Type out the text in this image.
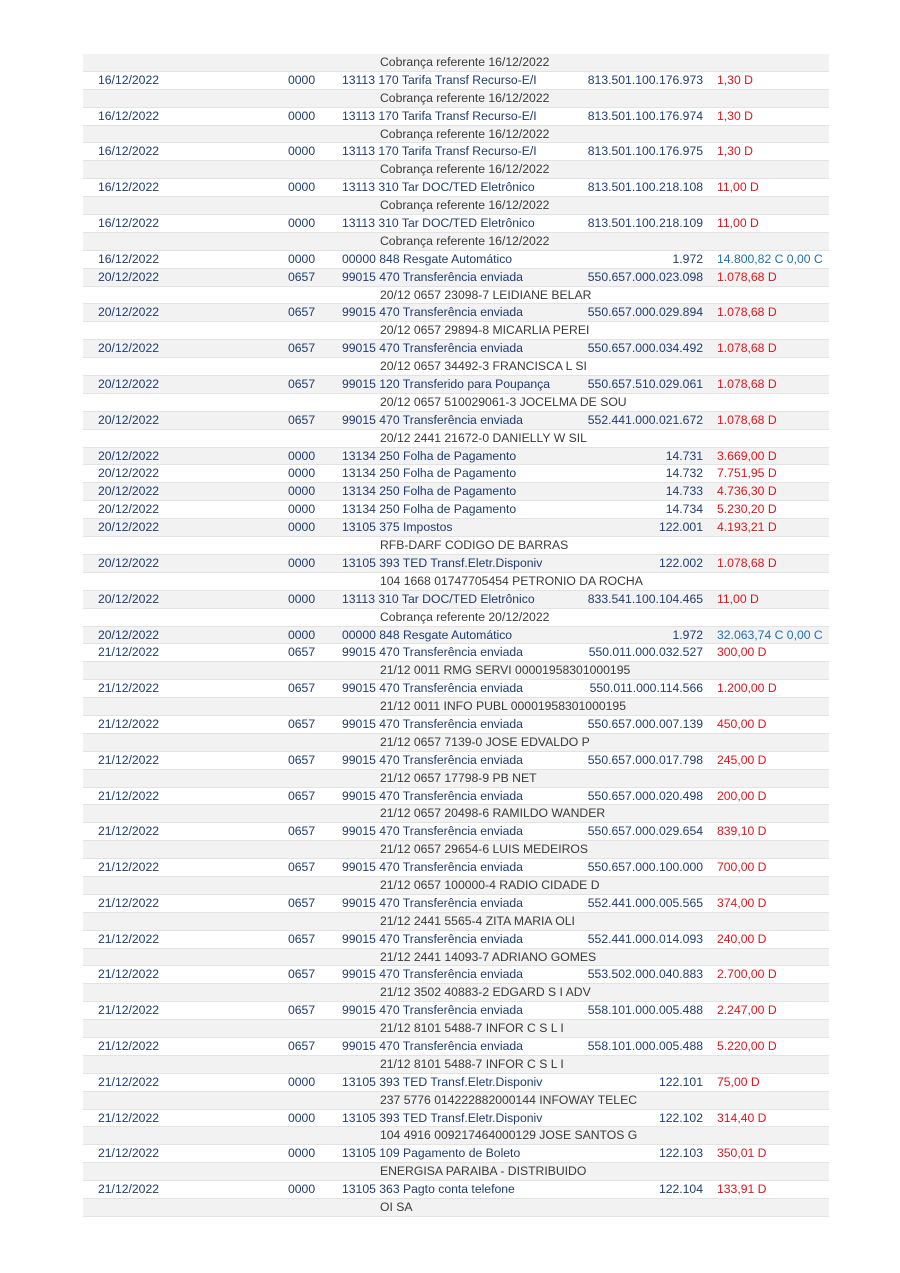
Cobrança referente 16/12/2022
16/12/2022	0000 13113 170 Tarifa Transf Recurso-E/I	813.501.100.176.973 1,30 D
Cobrança referente 16/12/2022
16/12/2022	0000 13113 170 Tarifa Transf Recurso-E/I	813.501.100.176.974 1,30 D
Cobrança referente 16/12/2022
16/12/2022	0000 13113 170 Tarifa Transf Recurso-E/I	813.501.100.176.975 1,30 D
Cobrança referente 16/12/2022
16/12/2022	0000 13113 310 Tar DOC/TED Eletrônico	813.501.100.218.108 11,00 D
Cobrança referente 16/12/2022
16/12/2022	0000 13113 310 Tar DOC/TED Eletrônico	813.501.100.218.109 11,00 D
Cobrança referente 16/12/2022
16/12/2022	0000 00000 848 Resgate Automático	1.972 14.800,82 C 0,00 C
20/12/2022	0657 99015 470 Transferência enviada	550.657.000.023.098 1.078,68 D
20/12 0657 23098-7 LEIDIANE BELAR
20/12/2022	0657 99015 470 Transferência enviada	550.657.000.029.894 1.078,68 D
20/12 0657 29894-8 MICARLIA PEREI
20/12/2022	0657 99015 470 Transferência enviada	550.657.000.034.492 1.078,68 D
20/12 0657 34492-3 FRANCISCA L SI
20/12/2022	0657 99015 120 Transferido para Poupança	550.657.510.029.061 1.078,68 D
20/12 0657 510029061-3 JOCELMA DE SOU
20/12/2022	0657 99015 470 Transferência enviada	552.441.000.021.672 1.078,68 D
20/12 2441 21672-0 DANIELLY W SIL
20/12/2022	0000 13134 250 Folha de Pagamento	14.731 3.669,00 D
20/12/2022	0000 13134 250 Folha de Pagamento	14.732 7.751,95 D
20/12/2022	0000 13134 250 Folha de Pagamento	14.733 4.736,30 D
20/12/2022	0000 13134 250 Folha de Pagamento	14.734 5.230,20 D
20/12/2022	0000 13105 375 Impostos	122.001 4.193,21 D
RFB-DARF CODIGO DE BARRAS
20/12/2022	0000 13105 393 TED Transf.Eletr.Disponiv	122.002 1.078,68 D
104 1668 01747705454 PETRONIO DA ROCHA
20/12/2022	0000 13113 310 Tar DOC/TED Eletrônico	833.541.100.104.465 11,00 D
Cobrança referente 20/12/2022
20/12/2022	0000 00000 848 Resgate Automático	1.972 32.063,74 C 0,00 C
21/12/2022	0657 99015 470 Transferência enviada	550.011.000.032.527 300,00 D
21/12 0011 RMG SERVI 00001958301000195
21/12/2022	0657 99015 470 Transferência enviada	550.011.000.114.566 1.200,00 D
21/12 0011 INFO PUBL 00001958301000195
21/12/2022	0657 99015 470 Transferência enviada	550.657.000.007.139 450,00 D
21/12 0657 7139-0 JOSE EDVALDO P
21/12/2022	0657 99015 470 Transferência enviada	550.657.000.017.798 245,00 D
21/12 0657 17798-9 PB NET
21/12/2022	0657 99015 470 Transferência enviada	550.657.000.020.498 200,00 D
21/12 0657 20498-6 RAMILDO WANDER
21/12/2022	0657 99015 470 Transferência enviada	550.657.000.029.654 839,10 D
21/12 0657 29654-6 LUIS MEDEIROS
21/12/2022	0657 99015 470 Transferência enviada	550.657.000.100.000 700,00 D
21/12 0657 100000-4 RADIO CIDADE D
21/12/2022	0657 99015 470 Transferência enviada	552.441.000.005.565 374,00 D
21/12 2441 5565-4 ZITA MARIA OLI
21/12/2022	0657 99015 470 Transferência enviada	552.441.000.014.093 240,00 D
21/12 2441 14093-7 ADRIANO GOMES
21/12/2022	0657 99015 470 Transferência enviada	553.502.000.040.883 2.700,00 D
21/12 3502 40883-2 EDGARD S I ADV
21/12/2022	0657 99015 470 Transferência enviada	558.101.000.005.488 2.247,00 D
21/12 8101 5488-7 INFOR C S L I
21/12/2022	0657 99015 470 Transferência enviada	558.101.000.005.488 5.220,00 D
21/12 8101 5488-7 INFOR C S L I
21/12/2022	0000 13105 393 TED Transf.Eletr.Disponiv	122.101 75,00 D
237 5776 014222882000144 INFOWAY TELEC
21/12/2022	0000 13105 393 TED Transf.Eletr.Disponiv	122.102 314,40 D
104 4916 009217464000129 JOSE SANTOS G
21/12/2022	0000 13105 109 Pagamento de Boleto	122.103 350,01 D
ENERGISA PARAIBA - DISTRIBUIDO
21/12/2022	0000 13105 363 Pagto conta telefone	122.104 133,91 D
OI SA
